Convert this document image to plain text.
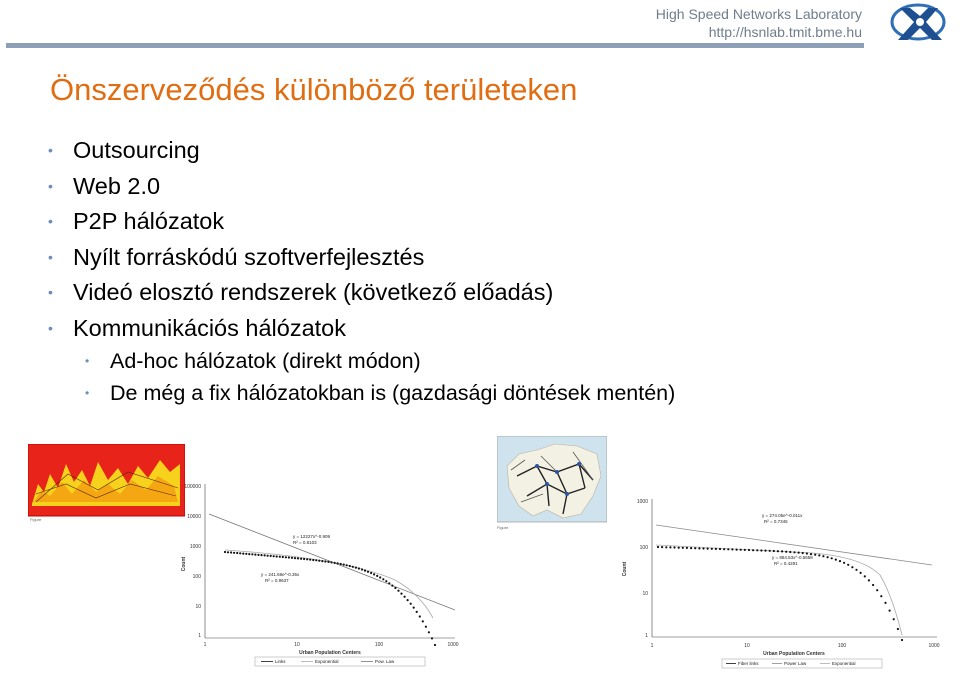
High Speed Networks Laboratory
http://hsnlab.tmit.bme.hu
Önszerveződés különböző területeken
• Outsourcing
• Web 2.0
• P2P hálózatok
• Nyílt forráskódú szoftverfejlesztés
• Videó elosztó rendszerek (következő előadás)
• Kommunikációs hálózatok
• Ad-hoc hálózatok (direkt módon)
• De még a fix hálózatokban is (gazdasági döntések mentén)
Figure
Figure
100000
10000
1000
100
10
1
1	10	100	1000
Count
Urban Population Centers
y = 12227x^-0.909
R² = 0.8103
y = 241.69e^-0.35x
R² = 0.9637
Links	Exponential	Pow. Law
1000
100
10
1
1	10	100	1000
Count
Urban Population Centers
y = 274.05e^-0.011x
R² = 0.7345
y = 884.53x^-0.5658
R² = 0.4291
Fiber links	Power Law	Exponential
